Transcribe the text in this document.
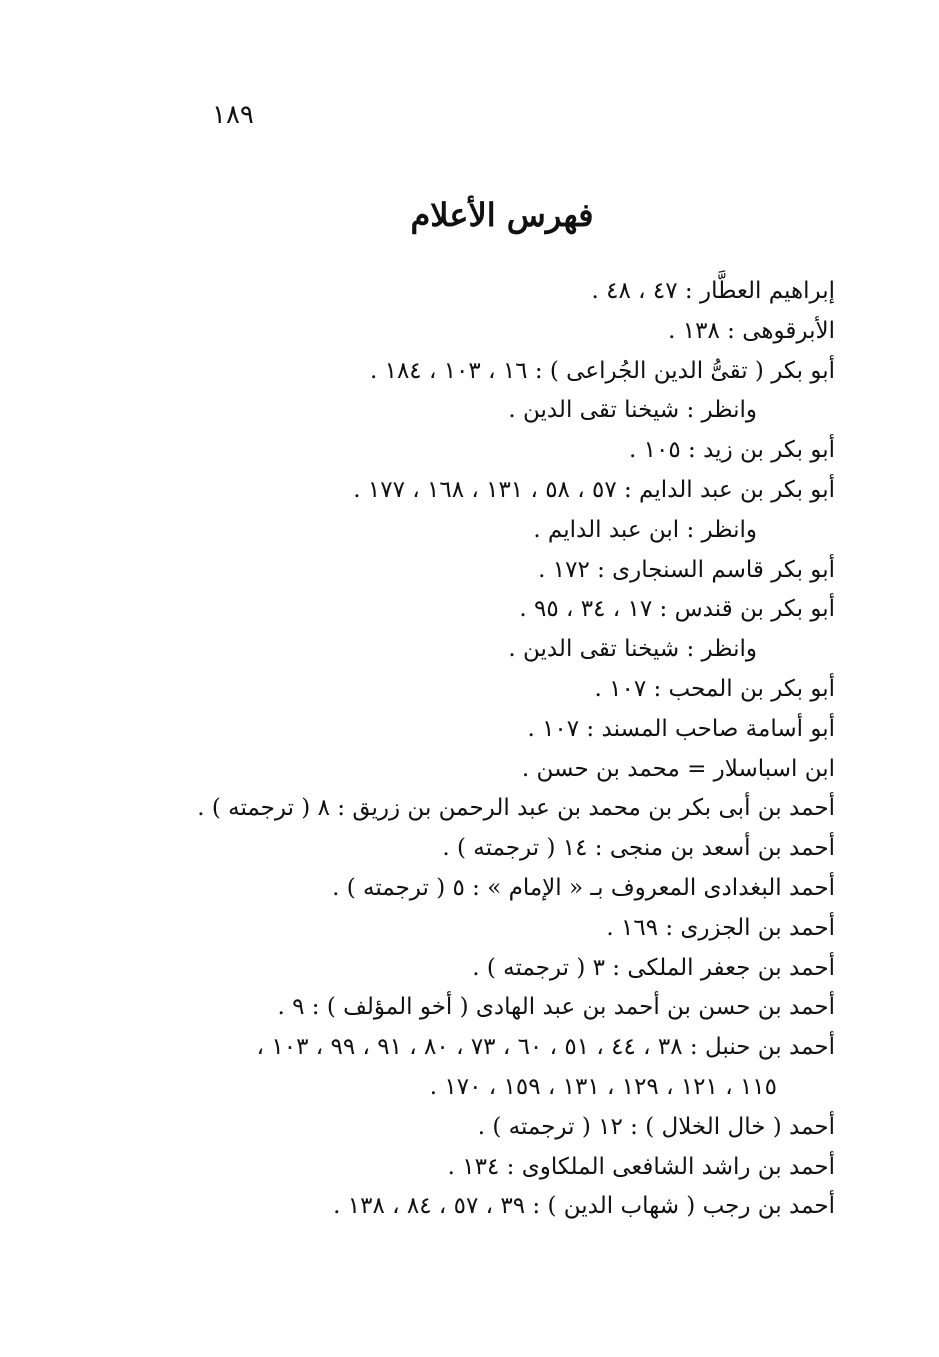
١٨٩
فهرس الأعلام
إبراهيم العطَّار : ٤٧ ، ٤٨ .
الأبرقوهى : ١٣٨ .
أبو بكر ( تقىُّ الدين الجُراعى ) : ١٦ ، ١٠٣ ، ١٨٤ .
وانظر : شيخنا تقى الدين .
أبو بكر بن زيد : ١٠٥ .
أبو بكر بن عبد الدايم : ٥٧ ، ٥٨ ، ١٣١ ، ١٦٨ ، ١٧٧ .
وانظر : ابن عبد الدايم .
أبو بكر قاسم السنجارى : ١٧٢ .
أبو بكر بن قندس : ١٧ ، ٣٤ ، ٩٥ .
وانظر : شيخنا تقى الدين .
أبو بكر بن المحب : ١٠٧ .
أبو أسامة صاحب المسند : ١٠٧ .
ابن اسباسلار = محمد بن حسن .
أحمد بن أبى بكر بن محمد بن عبد الرحمن بن زريق : ٨ ( ترجمته ) .
أحمد بن أسعد بن منجى : ١٤ ( ترجمته ) .
أحمد البغدادى المعروف بـ « الإمام » : ٥ ( ترجمته ) .
أحمد بن الجزرى : ١٦٩ .
أحمد بن جعفر الملكى : ٣ ( ترجمته ) .
أحمد بن حسن بن أحمد بن عبد الهادى ( أخو المؤلف ) : ٩ .
أحمد بن حنبل : ٣٨ ، ٤٤ ، ٥١ ، ٦٠ ، ٧٣ ، ٨٠ ، ٩١ ، ٩٩ ، ١٠٣ ،
١١٥ ، ١٢١ ، ١٢٩ ، ١٣١ ، ١٥٩ ، ١٧٠ .
أحمد ( خال الخلال ) : ١٢ ( ترجمته ) .
أحمد بن راشد الشافعى الملكاوى : ١٣٤ .
أحمد بن رجب ( شهاب الدين ) : ٣٩ ، ٥٧ ، ٨٤ ، ١٣٨ .
